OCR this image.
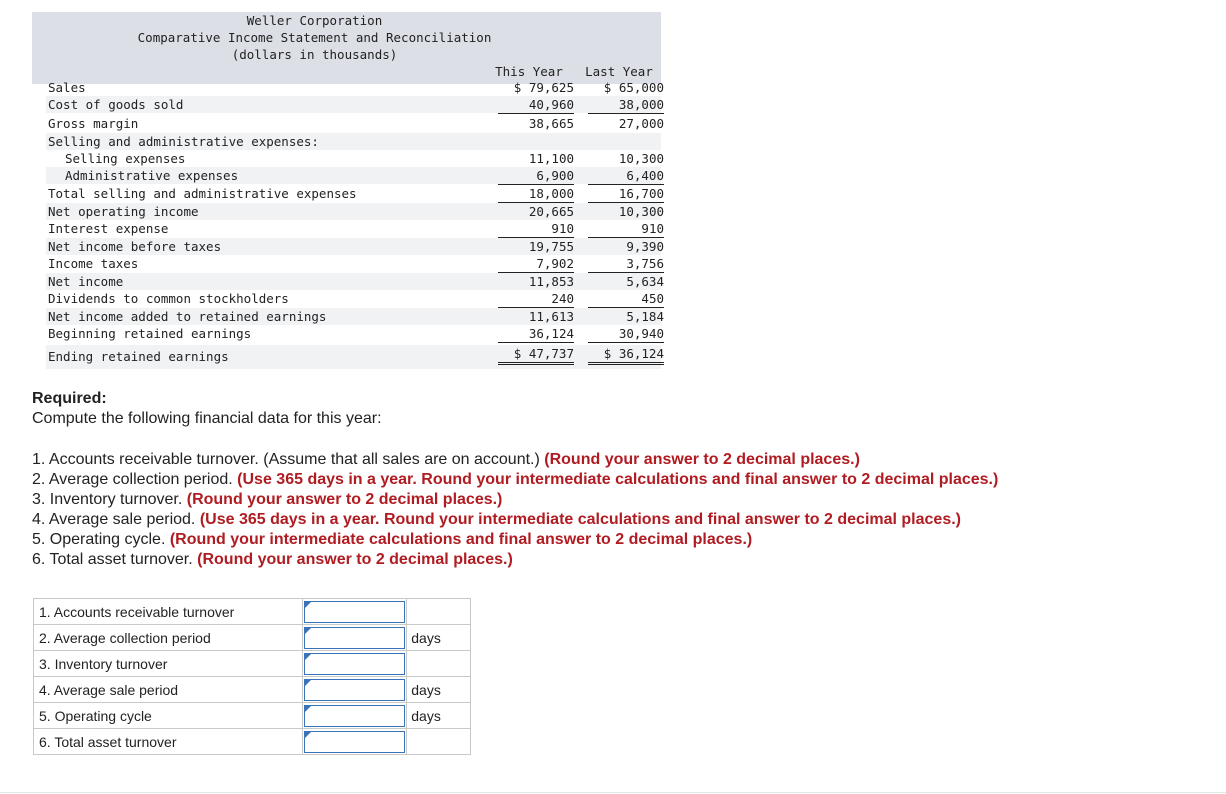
Weller Corporation
Comparative Income Statement and Reconciliation
(dollars in thousands)
This Year	Last Year
Sales	$ 79,625	$ 65,000
Cost of goods sold	40,960	38,000
Gross margin	38,665	27,000
Selling and administrative expenses:
Selling expenses	11,100	10,300
Administrative expenses	6,900	6,400
Total selling and administrative expenses	18,000	16,700
Net operating income	20,665	10,300
Interest expense	910	910
Net income before taxes	19,755	9,390
Income taxes	7,902	3,756
Net income	11,853	5,634
Dividends to common stockholders	240	450
Net income added to retained earnings	11,613	5,184
Beginning retained earnings	36,124	30,940
Ending retained earnings	$ 47,737	$ 36,124
Required:
Compute the following financial data for this year:
1. Accounts receivable turnover. (Assume that all sales are on account.) (Round your answer to 2 decimal places.)
2. Average collection period. (Use 365 days in a year. Round your intermediate calculations and final answer to 2 decimal places.)
3. Inventory turnover. (Round your answer to 2 decimal places.)
4. Average sale period. (Use 365 days in a year. Round your intermediate calculations and final answer to 2 decimal places.)
5. Operating cycle. (Round your intermediate calculations and final answer to 2 decimal places.)
6. Total asset turnover. (Round your answer to 2 decimal places.)
1. Accounts receivable turnover	

2. Average collection period		days
3. Inventory turnover	

4. Average sale period		days
5. Operating cycle		days
6. Total asset turnover	
